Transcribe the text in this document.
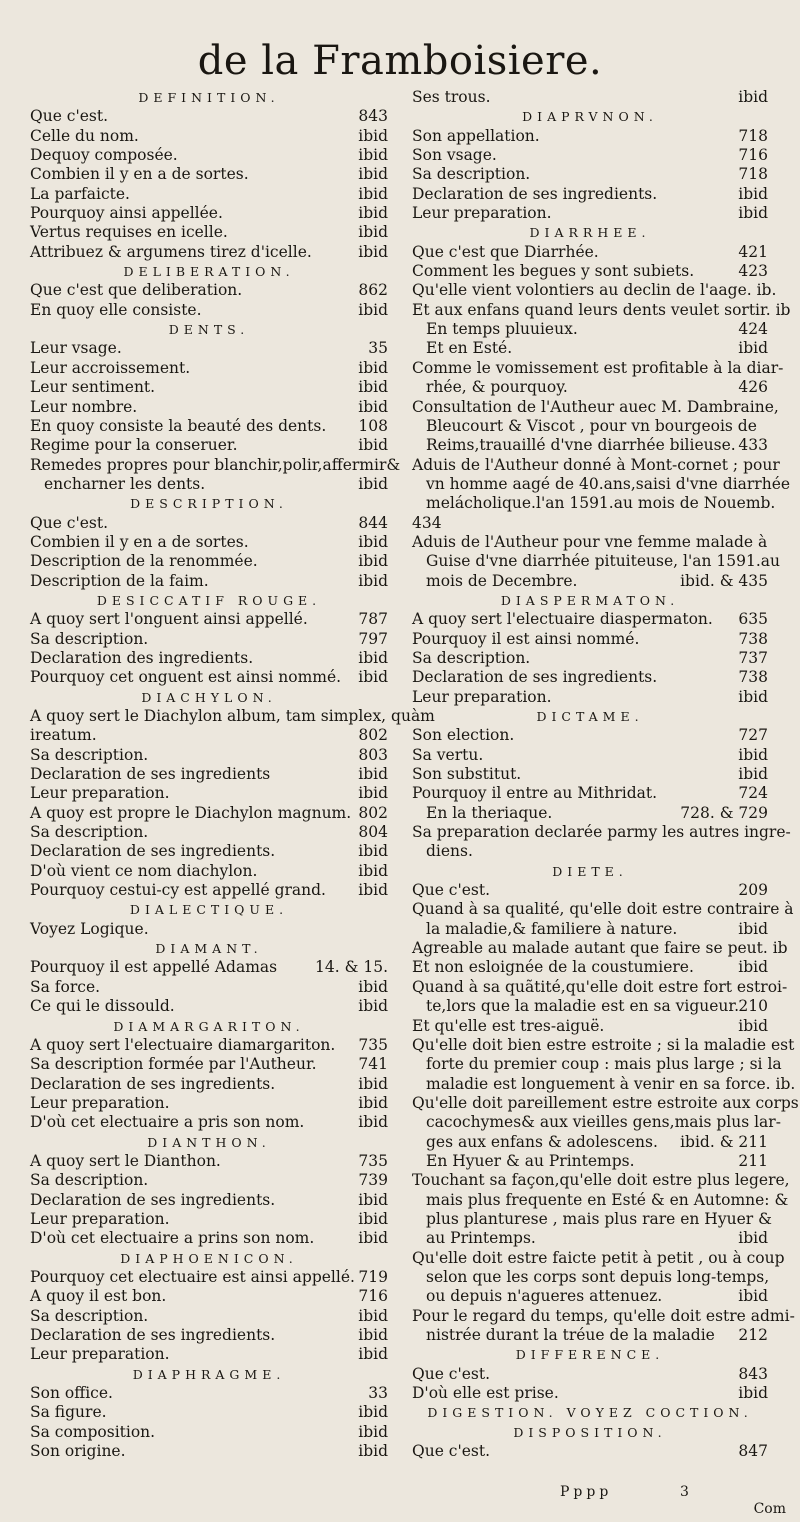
de la Framboisiere.
DEFINITION.
Que c'est.	843
Celle du nom.	ibid
Dequoy composée.	ibid
Combien il y en a de sortes.	ibid
La parfaicte.	ibid
Pourquoy ainsi appellée.	ibid
Vertus requises en icelle.	ibid
Attribuez & argumens tirez d'icelle.	ibid
DELIBERATION.
Que c'est que deliberation.	862
En quoy elle consiste.	ibid
DENTS.
Leur vsage.	35
Leur accroissement.	ibid
Leur sentiment.	ibid
Leur nombre.	ibid
En quoy consiste la beauté des dents. 108
Regime pour la conseruer.	ibid
Remedes propres pour blanchir,polir,affermir&
encharner les dents.	ibid
DESCRIPTION.
Que c'est.	844
Combien il y en a de sortes.	ibid
Description de la renommée.	ibid
Description de la faim.	ibid
DESICCATIF ROUGE.
A quoy sert l'onguent ainsi appellé.	787
Sa description.	797
Declaration des ingredients.	ibid
Pourquoy cet onguent est ainsi nommé. ibid
DIACHYLON.
A quoy sert le Diachylon album, tam simplex, quàm
ireatum.	802
Sa description.	803
Declaration de ses ingredients	ibid
Leur preparation.	ibid
A quoy est propre le Diachylon magnum. 802
Sa description.	804
Declaration de ses ingredients.	ibid
D'où vient ce nom diachylon.	ibid
Pourquoy cestui-cy est appellé grand. ibid
DIALECTIQUE.
Voyez Logique.
DIAMANT.
Pourquoy il est appellé Adamas 14. & 15.
Sa force.	ibid
Ce qui le dissould.	ibid
DIAMARGARITON.
A quoy sert l'electuaire diamargariton. 735
Sa description formée par l'Autheur.	741
Declaration de ses ingredients.	ibid
Leur preparation.	ibid
D'où cet electuaire a pris son nom.	ibid
DIANTHON.
A quoy sert le Dianthon.	735
Sa description.	739
Declaration de ses ingredients.	ibid
Leur preparation.	ibid
D'où cet electuaire a prins son nom.	ibid
DIAPHOENICON.
Pourquoy cet electuaire est ainsi appellé. 719
A quoy il est bon.	716
Sa description.	ibid
Declaration de ses ingredients.	ibid
Leur preparation.	ibid
DIAPHRAGME.
Son office.	33
Sa figure.	ibid
Sa composition.	ibid
Son origine.	ibid
Ses trous.	ibid
DIAPRVNON.
Son appellation.	718
Son vsage.	716
Sa description.	718
Declaration de ses ingredients.	ibid
Leur preparation.	ibid
DIARRHEE.
Que c'est que Diarrhée.	421
Comment les begues y sont subiets.	423
Qu'elle vient volontiers au declin de l'aage. ib.
Et aux enfans quand leurs dents veulet sortir. ib
En temps pluuieux.	424
Et en Esté.	ibid
Comme le vomissement est profitable à la diar-
rhée, & pourquoy.	426
Consultation de l'Autheur auec M. Dambraine,
Bleucourt & Viscot , pour vn bourgeois de
Reims,trauaillé d'vne diarrhée bilieuse. 433
Aduis de l'Autheur donné à Mont-cornet ; pour
vn homme aagé de 40.ans,saisi d'vne diarrhée
melácholique.l'an 1591.au mois de Nouemb.
434
Aduis de l'Autheur pour vne femme malade à
Guise d'vne diarrhée pituiteuse, l'an 1591.au
mois de Decembre.	ibid. & 435
DIASPERMATON.
A quoy sert l'electuaire diaspermaton. 635
Pourquoy il est ainsi nommé.	738
Sa description.	737
Declaration de ses ingredients.	738
Leur preparation.	ibid
DICTAME.
Son election.	727
Sa vertu.	ibid
Son substitut.	ibid
Pourquoy il entre au Mithridat.	724
En la theriaque.	728. & 729
Sa preparation declarée parmy les autres ingre-
diens.
DIETE.
Que c'est.	209
Quand à sa qualité, qu'elle doit estre contraire à
la maladie,& familiere à nature.	ibid
Agreable au malade autant que faire se peut. ib
Et non esloignée de la coustumiere.	ibid
Quand à sa quãtité,qu'elle doit estre fort estroi-
te,lors que la maladie est en sa vigueur. 210
Et qu'elle est tres-aiguë.	ibid
Qu'elle doit bien estre estroite ; si la maladie est
forte du premier coup : mais plus large ; si la
maladie est longuement à venir en sa force. ib.
Qu'elle doit pareillement estre estroite aux corps
cacochymes& aux vieilles gens,mais plus lar-
ges aux enfans & adolescens. ibid. & 211
En Hyuer & au Printemps.	211
Touchant sa façon,qu'elle doit estre plus legere,
mais plus frequente en Esté & en Automne: &
plus planturesе , mais plus rare en Hyuer &
au Printemps.	ibid
Qu'elle doit estre faicte petit à petit , ou à coup
selon que les corps sont depuis long-temps,
ou depuis n'agueres attenuez.	ibid
Pour le regard du temps, qu'elle doit estre admi-
nistrée durant la tréue de la maladie 212
DIFFERENCE.
Que c'est.	843
D'où elle est prise.	ibid
DIGESTION. VOYEZ COCTION.
DISPOSITION.
Que c'est.	847
Pppp	3
Com
